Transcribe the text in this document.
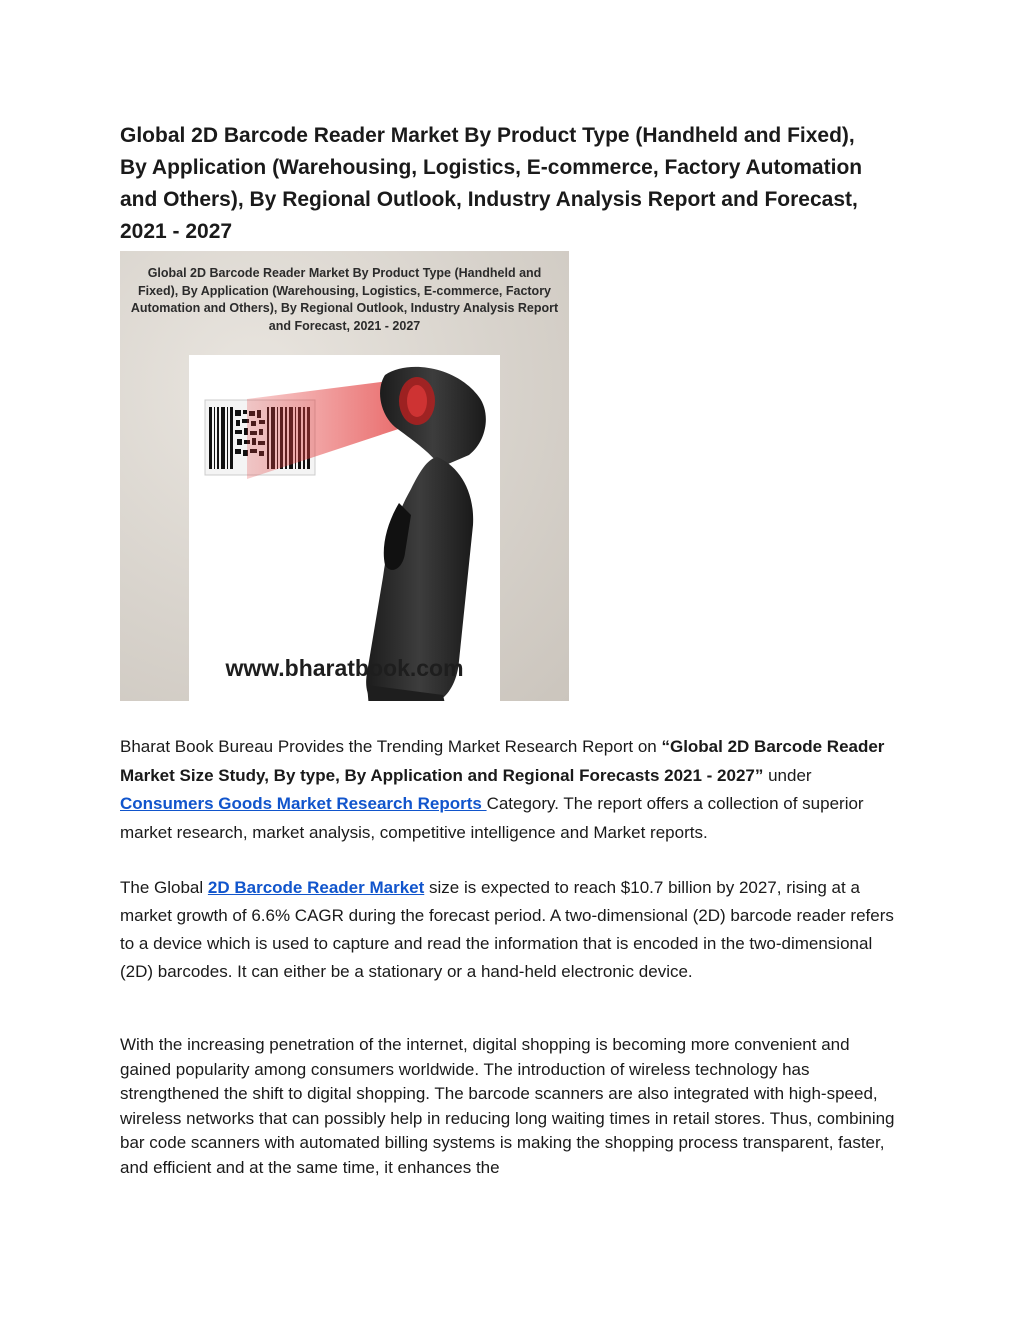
Global 2D Barcode Reader Market By Product Type (Handheld and Fixed), By Application (Warehousing, Logistics, E-commerce, Factory Automation and Others), By Regional Outlook, Industry Analysis Report and Forecast, 2021 - 2027
Global 2D Barcode Reader Market By Product Type (Handheld and Fixed), By Application (Warehousing, Logistics, E-commerce, Factory Automation and Others), By Regional Outlook, Industry Analysis Report and Forecast, 2021 - 2027
www.bharatbook.com

Bharat Book Bureau Provides the Trending Market Research Report on “Global 2D Barcode Reader Market Size Study, By type, By Application and Regional Forecasts 2021 - 2027” under Consumers Goods Market Research Reports Category. The report offers a collection of superior market research, market analysis, competitive intelligence and Market reports.

The Global 2D Barcode Reader Market size is expected to reach $10.7 billion by 2027, rising at a market growth of 6.6% CAGR during the forecast period. A two-dimensional (2D) barcode reader refers to a device which is used to capture and read the information that is encoded in the two-dimensional (2D) barcodes. It can either be a stationary or a hand-held electronic device.

With the increasing penetration of the internet, digital shopping is becoming more convenient and gained popularity among consumers worldwide. The introduction of wireless technology has strengthened the shift to digital shopping. The barcode scanners are also integrated with high-speed, wireless networks that can possibly help in reducing long waiting times in retail stores. Thus, combining bar code scanners with automated billing systems is making the shopping process transparent, faster, and efficient and at the same time, it enhances the
